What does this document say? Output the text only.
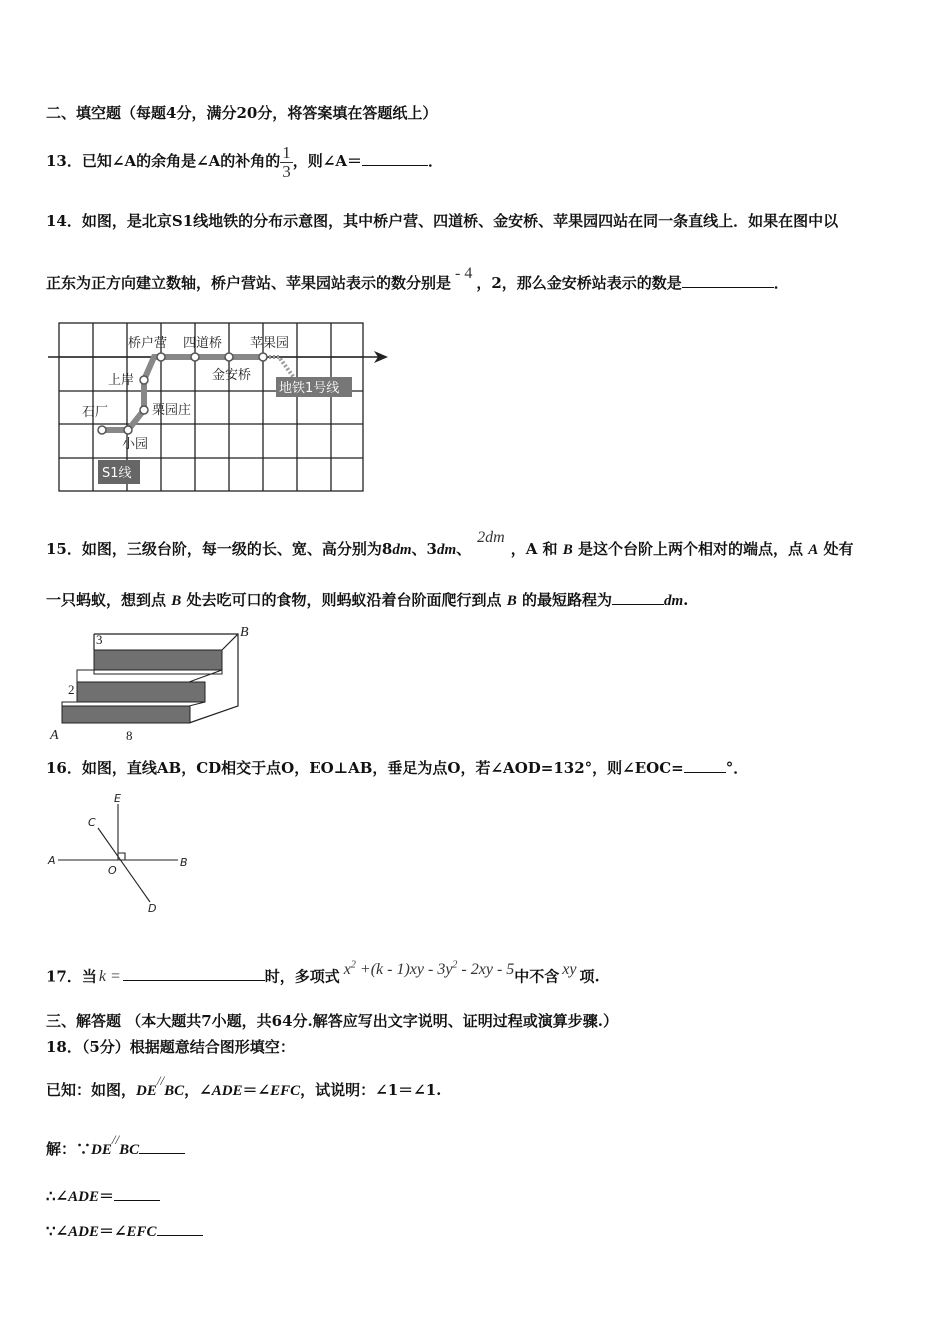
二、填空题（每题4分，满分20分，将答案填在答题纸上）
13．已知∠A的余角是∠A的补角的 $\frac{1}{3}$ ，则∠A＝	．
14．如图，是北京S1线地铁的分布示意图，其中桥户营、四道桥、金安桥、苹果园四站在同一条直线上．如果在图中以
正东为正方向建立数轴，桥户营站、苹果园站表示的数分别是- 4，2，那么金安桥站表示的数是	．
桥户营 四道桥 苹果园
金安桥
上岸
栗园庄
石厂
小园
地铁1号线
S1线
15．如图，三级台阶，每一级的长、宽、高分别为8dm、3dm、2dm，A 和 B 是这个台阶上两个相对的端点，点 A 处有
一只蚂蚁，想到点 B 处去吃可口的食物，则蚂蚁沿着台阶面爬行到点 B 的最短路程为	dm.
3
2
B
A	8
16．如图，直线AB，CD相交于点O，EO⊥AB，垂足为点O，若∠AOD=132°，则∠EOC=	°．
E
C
A
O
B
D
17．当 k =	时，多项式 $x^2 +(k - 1)xy - 3y^2 - 2xy - 5$中不含 xy 项.
三、解答题 （本大题共7小题，共64分.解答应写出文字说明、证明过程或演算步骤.）
18．（5分）根据题意结合图形填空：
已知：如图，DE//BC，∠ADE＝∠EFC，试说明：∠1＝∠1.
解：∵DE//BC
∴∠ADE＝
∵∠ADE＝∠EFC
